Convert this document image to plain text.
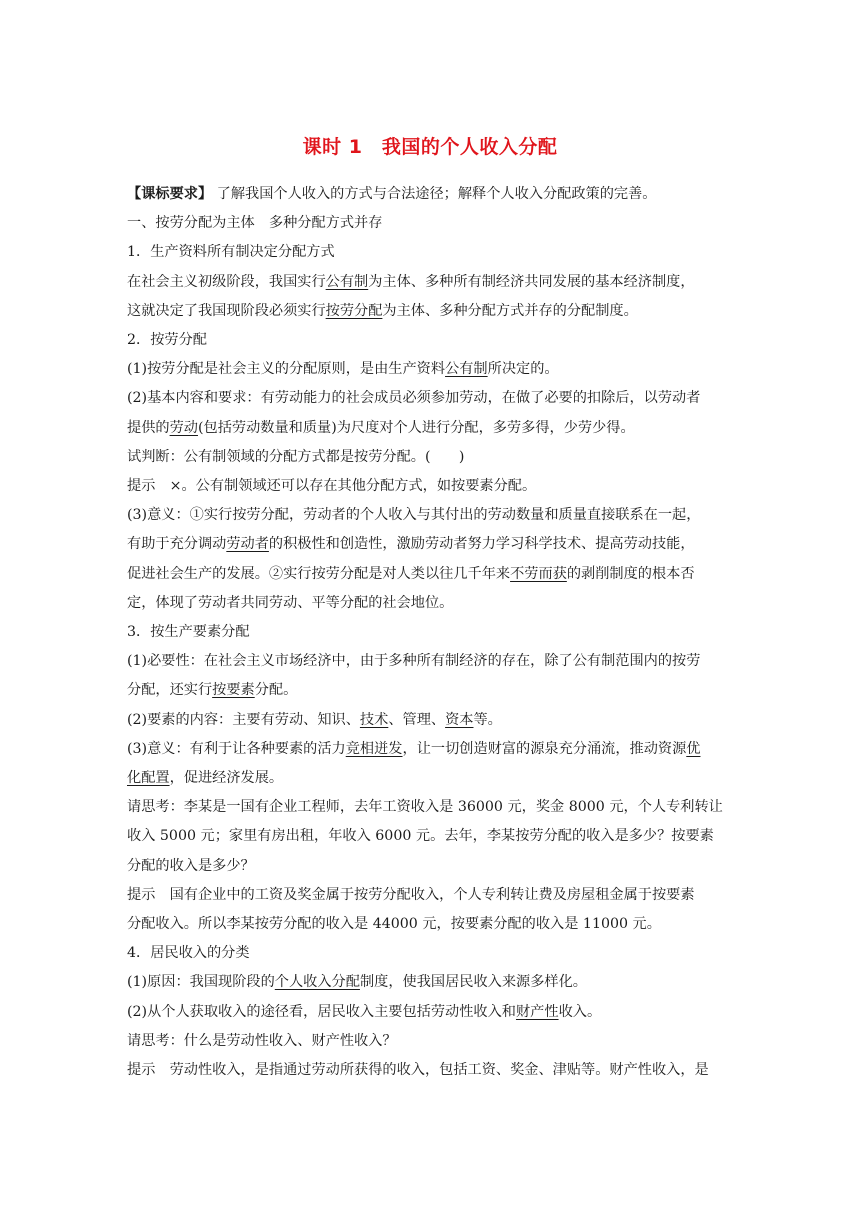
课时 1　我国的个人收入分配
【课标要求】 了解我国个人收入的方式与合法途径；解释个人收入分配政策的完善。
一、按劳分配为主体　多种分配方式并存
1．生产资料所有制决定分配方式
在社会主义初级阶段，我国实行公有制为主体、多种所有制经济共同发展的基本经济制度，
这就决定了我国现阶段必须实行按劳分配为主体、多种分配方式并存的分配制度。
2．按劳分配
(1)按劳分配是社会主义的分配原则，是由生产资料公有制所决定的。
(2)基本内容和要求：有劳动能力的社会成员必须参加劳动，在做了必要的扣除后，以劳动者
提供的劳动(包括劳动数量和质量)为尺度对个人进行分配，多劳多得，少劳少得。
试判断：公有制领域的分配方式都是按劳分配。(　　)
提示　×。公有制领域还可以存在其他分配方式，如按要素分配。
(3)意义：①实行按劳分配，劳动者的个人收入与其付出的劳动数量和质量直接联系在一起，
有助于充分调动劳动者的积极性和创造性，激励劳动者努力学习科学技术、提高劳动技能，
促进社会生产的发展。②实行按劳分配是对人类以往几千年来不劳而获的剥削制度的根本否
定，体现了劳动者共同劳动、平等分配的社会地位。
3．按生产要素分配
(1)必要性：在社会主义市场经济中，由于多种所有制经济的存在，除了公有制范围内的按劳
分配，还实行按要素分配。
(2)要素的内容：主要有劳动、知识、技术、管理、资本等。
(3)意义：有利于让各种要素的活力竞相迸发，让一切创造财富的源泉充分涌流，推动资源优
化配置，促进经济发展。
请思考：李某是一国有企业工程师，去年工资收入是 36000 元，奖金 8000 元，个人专利转让
收入 5000 元；家里有房出租，年收入 6000 元。去年，李某按劳分配的收入是多少？按要素
分配的收入是多少？
提示　国有企业中的工资及奖金属于按劳分配收入，个人专利转让费及房屋租金属于按要素
分配收入。所以李某按劳分配的收入是 44000 元，按要素分配的收入是 11000 元。
4．居民收入的分类
(1)原因：我国现阶段的个人收入分配制度，使我国居民收入来源多样化。
(2)从个人获取收入的途径看，居民收入主要包括劳动性收入和财产性收入。
请思考：什么是劳动性收入、财产性收入？
提示　劳动性收入，是指通过劳动所获得的收入，包括工资、奖金、津贴等。财产性收入，是
